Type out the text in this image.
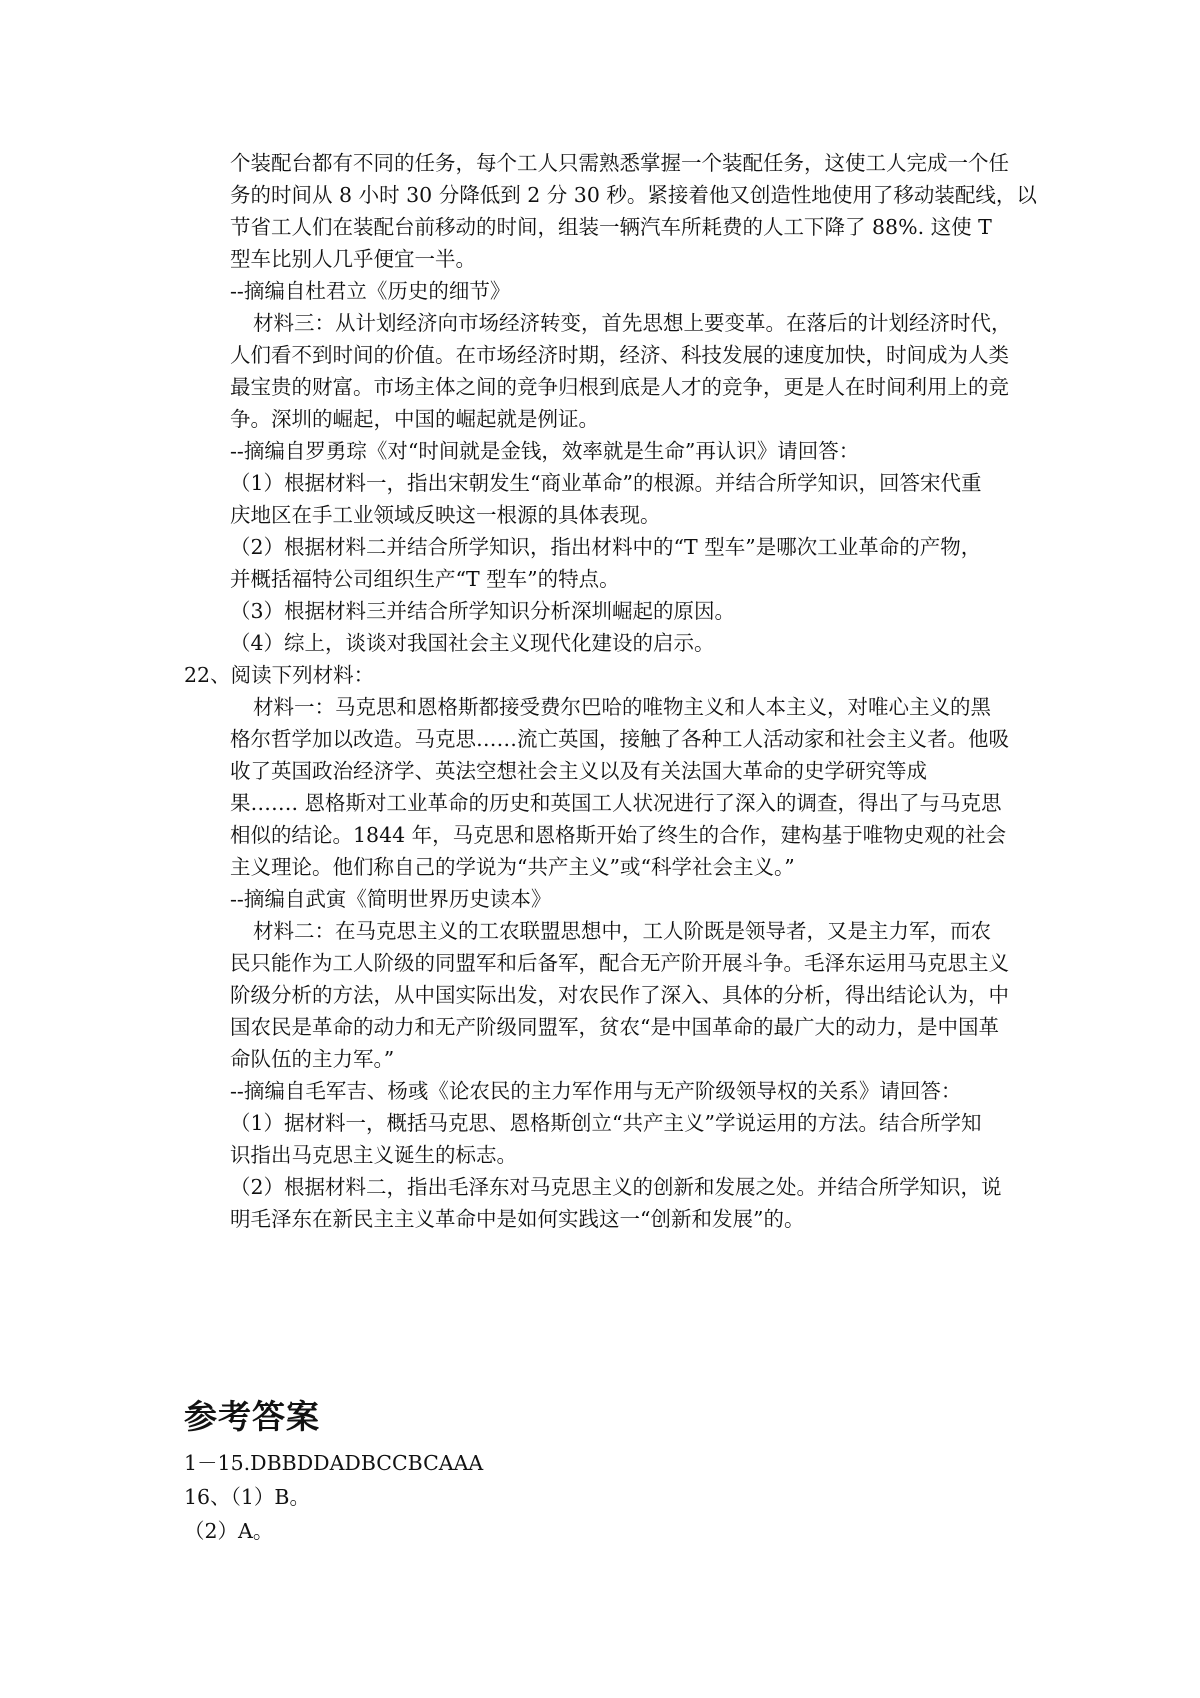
个装配台都有不同的任务，每个工人只需熟悉掌握一个装配任务，这使工人完成一个任
务的时间从 8 小时 30 分降低到 2 分 30 秒。紧接着他又创造性地使用了移动装配线，以
节省工人们在装配台前移动的时间，组装一辆汽车所耗费的人工下降了 88%. 这使 T
型车比别人几乎便宜一半。
--摘编自杜君立《历史的细节》
材料三：从计划经济向市场经济转变，首先思想上要变革。在落后的计划经济时代，
人们看不到时间的价值。在市场经济时期，经济、科技发展的速度加快，时间成为人类
最宝贵的财富。市场主体之间的竞争归根到底是人才的竞争，更是人在时间利用上的竞
争。深圳的崛起，中国的崛起就是例证。
--摘编自罗勇琮《对“时间就是金钱，效率就是生命”再认识》请回答：
（1）根据材料一，指出宋朝发生“商业革命”的根源。并结合所学知识，回答宋代重
庆地区在手工业领域反映这一根源的具体表现。
（2）根据材料二并结合所学知识，指出材料中的“T 型车”是哪次工业革命的产物，
并概括福特公司组织生产“T 型车”的特点。
（3）根据材料三并结合所学知识分析深圳崛起的原因。
（4）综上，谈谈对我国社会主义现代化建设的启示。
22、阅读下列材料：
材料一：马克思和恩格斯都接受费尔巴哈的唯物主义和人本主义，对唯心主义的黑
格尔哲学加以改造。马克思……流亡英国，接触了各种工人活动家和社会主义者。他吸
收了英国政治经济学、英法空想社会主义以及有关法国大革命的史学研究等成
果……. 恩格斯对工业革命的历史和英国工人状况进行了深入的调查，得出了与马克思
相似的结论。1844 年，马克思和恩格斯开始了终生的合作，建构基于唯物史观的社会
主义理论。他们称自己的学说为“共产主义”或“科学社会主义。”
--摘编自武寅《简明世界历史读本》
材料二：在马克思主义的工农联盟思想中，工人阶既是领导者，又是主力军，而农
民只能作为工人阶级的同盟军和后备军，配合无产阶开展斗争。毛泽东运用马克思主义
阶级分析的方法，从中国实际出发，对农民作了深入、具体的分析，得出结论认为，中
国农民是革命的动力和无产阶级同盟军，贫农“是中国革命的最广大的动力，是中国革
命队伍的主力军。”
--摘编自毛军吉、杨彧《论农民的主力军作用与无产阶级领导权的关系》请回答：
（1）据材料一，概括马克思、恩格斯创立“共产主义”学说运用的方法。结合所学知
识指出马克思主义诞生的标志。
（2）根据材料二，指出毛泽东对马克思主义的创新和发展之处。并结合所学知识，说
明毛泽东在新民主主义革命中是如何实践这一“创新和发展”的。
参考答案
1－15.DBBDDADBCCBCAAA
16、（1）B。
（2）A。
